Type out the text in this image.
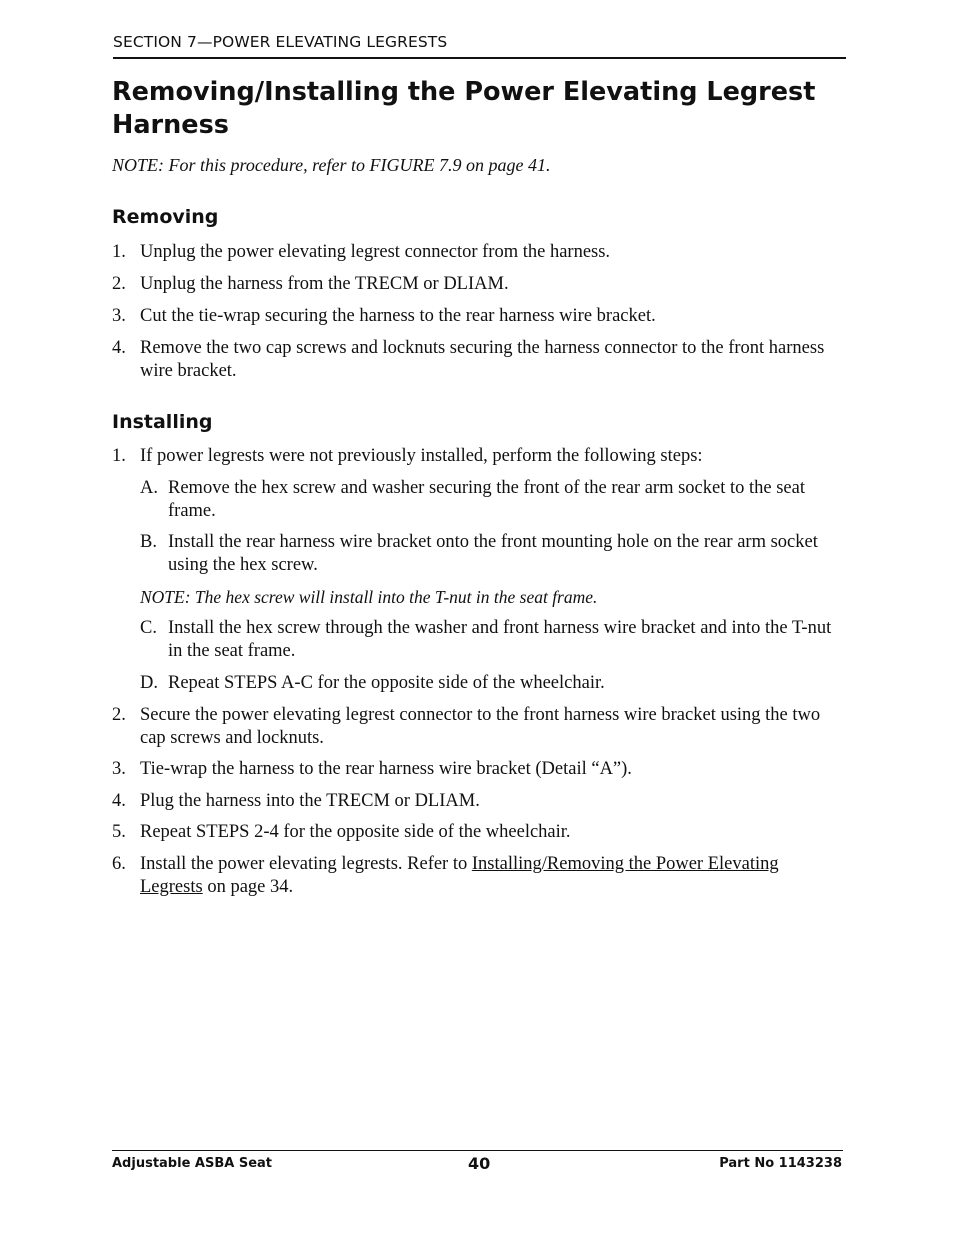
SECTION 7—POWER ELEVATING LEGRESTS
Removing/Installing the Power Elevating Legrest Harness
NOTE: For this procedure, refer to FIGURE 7.9 on page 41.
Removing
1. Unplug the power elevating legrest connector from the harness.
2. Unplug the harness from the TRECM or DLIAM.
3. Cut the tie-wrap securing the harness to the rear harness wire bracket.
4. Remove the two cap screws and locknuts securing the harness connector to the front harness wire bracket.
Installing
1. If power legrests were not previously installed, perform the following steps:
A. Remove the hex screw and washer securing the front of the rear arm socket to the seat frame.
B. Install the rear harness wire bracket onto the front mounting hole on the rear arm socket using the hex screw.
NOTE: The hex screw will install into the T-nut in the seat frame.
C. Install the hex screw through the washer and front harness wire bracket and into the T-nut in the seat frame.
D. Repeat STEPS A-C for the opposite side of the wheelchair.
2. Secure the power elevating legrest connector to the front harness wire bracket using the two cap screws and locknuts.
3. Tie-wrap the harness to the rear harness wire bracket (Detail “A”).
4. Plug the harness into the TRECM or DLIAM.
5. Repeat STEPS 2-4 for the opposite side of the wheelchair.
6. Install the power elevating legrests. Refer to Installing/Removing the Power Elevating Legrests on page 34.
Adjustable ASBA Seat	40	Part No 1143238
